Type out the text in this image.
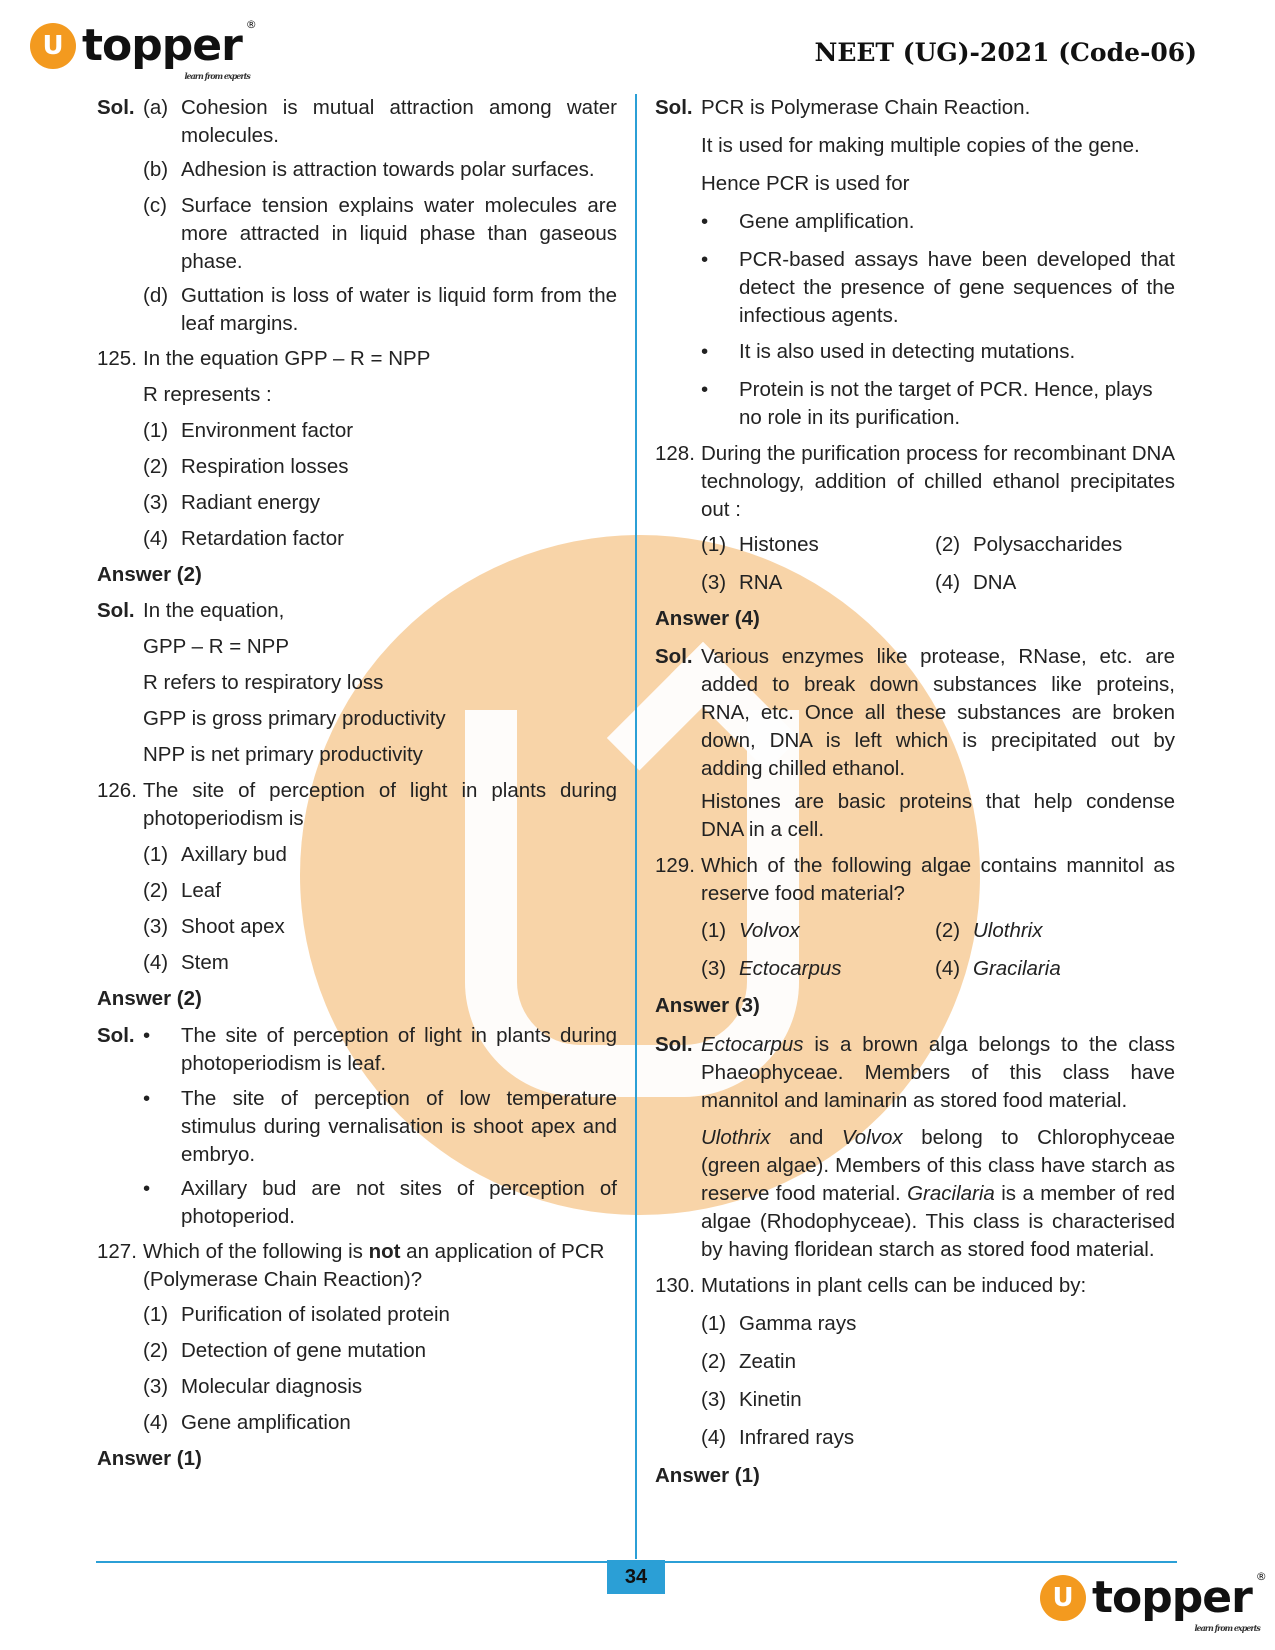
U topper ®
learn from experts
NEET (UG)-2021 (Code-06)
Sol. (a) Cohesion is mutual attraction among water molecules.
(b) Adhesion is attraction towards polar surfaces.
(c) Surface tension explains water molecules are more attracted in liquid phase than gaseous phase.
(d) Guttation is loss of water is liquid form from the leaf margins.
125. In the equation GPP – R = NPP
R represents :
(1) Environment factor
(2) Respiration losses
(3) Radiant energy
(4) Retardation factor
Answer (2)
Sol. In the equation,
GPP – R = NPP
R refers to respiratory loss
GPP is gross primary productivity
NPP is net primary productivity
126. The site of perception of light in plants during photoperiodism is
(1) Axillary bud
(2) Leaf
(3) Shoot apex
(4) Stem
Answer (2)
Sol. •	The site of perception of light in plants during photoperiodism is leaf.
•	The site of perception of low temperature stimulus during vernalisation is shoot apex and embryo.
•	Axillary bud are not sites of perception of photoperiod.
127. Which of the following is not an application of PCR (Polymerase Chain Reaction)?
(1) Purification of isolated protein
(2) Detection of gene mutation
(3) Molecular diagnosis
(4) Gene amplification
Answer (1)
Sol. PCR is Polymerase Chain Reaction.
It is used for making multiple copies of the gene.
Hence PCR is used for
•	Gene amplification.
•	PCR-based assays have been developed that detect the presence of gene sequences of the infectious agents.
•	It is also used in detecting mutations.
•	Protein is not the target of PCR. Hence, plays no role in its purification.
128. During the purification process for recombinant DNA technology, addition of chilled ethanol precipitates out :
(1) Histones	(2) Polysaccharides
(3) RNA	(4) DNA
Answer (4)
Sol. Various enzymes like protease, RNase, etc. are added to break down substances like proteins, RNA, etc. Once all these substances are broken down, DNA is left which is precipitated out by adding chilled ethanol.
Histones are basic proteins that help condense DNA in a cell.
129. Which of the following algae contains mannitol as reserve food material?
(1) Volvox	(2) Ulothrix
(3) Ectocarpus	(4) Gracilaria
Answer (3)
Sol. Ectocarpus is a brown alga belongs to the class Phaeophyceae. Members of this class have mannitol and laminarin as stored food material.
Ulothrix and Volvox belong to Chlorophyceae (green algae). Members of this class have starch as reserve food material. Gracilaria is a member of red algae (Rhodophyceae). This class is characterised by having floridean starch as stored food material.
130. Mutations in plant cells can be induced by:
(1) Gamma rays
(2) Zeatin
(3) Kinetin
(4) Infrared rays
Answer (1)
34
U topper ®
learn from experts
